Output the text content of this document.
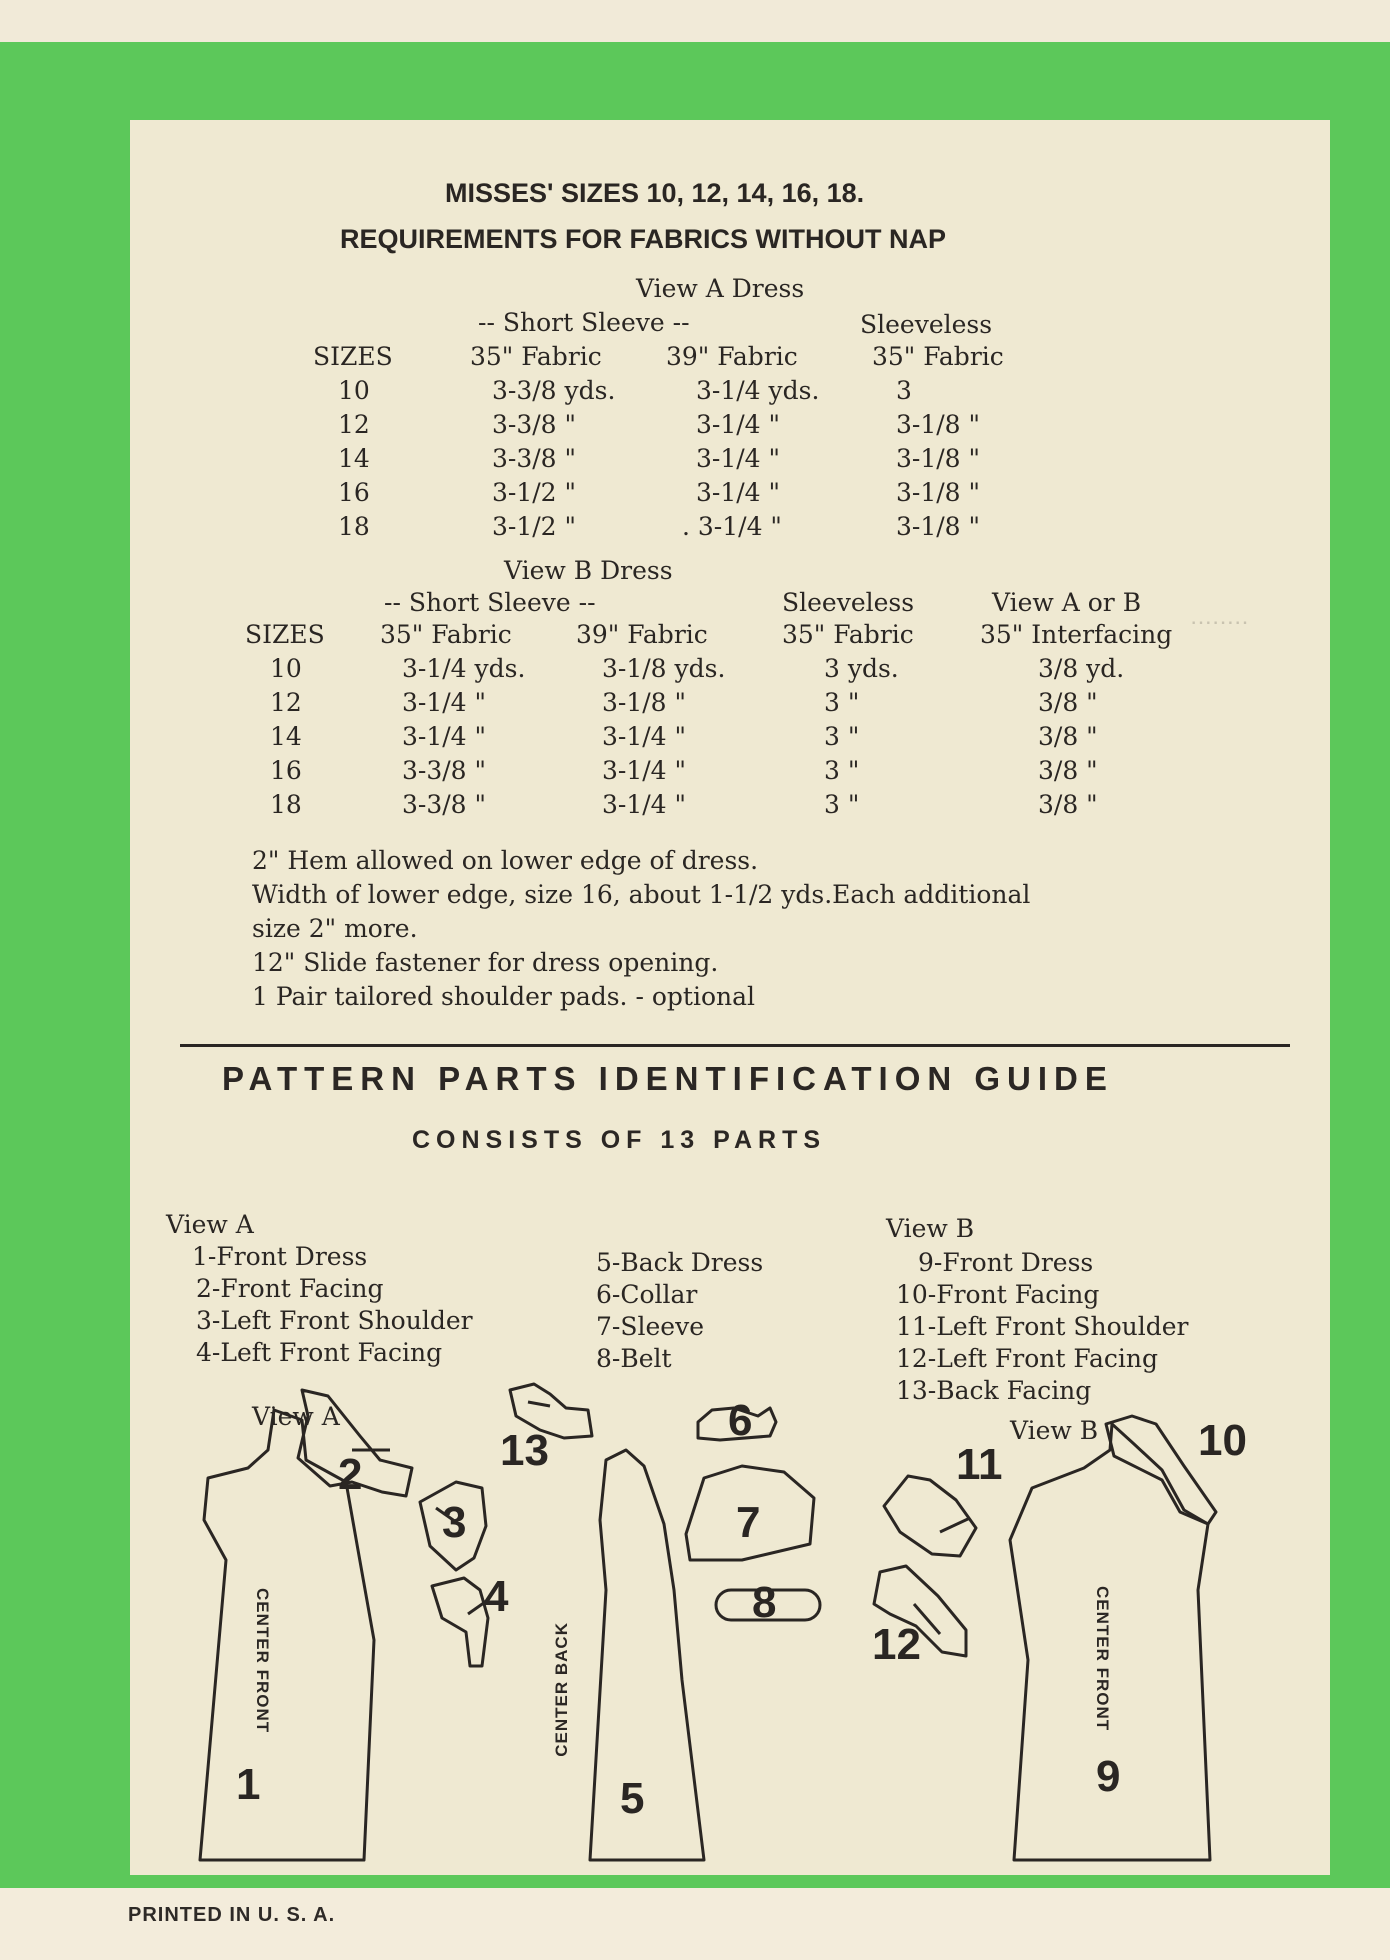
PRINTED IN U. S. A.
‥‥‥‥
MISSES' SIZES 10, 12, 14, 16, 18.
REQUIREMENTS FOR FABRICS WITHOUT NAP
View A Dress
-- Short Sleeve --	Sleeveless
SIZES	35" Fabric	39" Fabric	35" Fabric
10	3-3/8 yds.	3-1/4 yds.	3
12	3-3/8 "	3-1/4 "	3-1/8 "
14	3-3/8 "	3-1/4 "	3-1/8 "
16	3-1/2 "	3-1/4 "	3-1/8 "
18	3-1/2 "	. 3-1/4 "	3-1/8 "
View B Dress
-- Short Sleeve --	Sleeveless	View A or B
SIZES 35" Fabric	39" Fabric	35" Fabric	35" Interfacing
10	3-1/4 yds.	3-1/8 yds.	3 yds.	3/8 yd.
12	3-1/4 "	3-1/8 "	3 "	3/8 "
14	3-1/4 "	3-1/4 "	3 "	3/8 "
16	3-3/8 "	3-1/4 "	3 "	3/8 "
18	3-3/8 "	3-1/4 "	3 "	3/8 "
2" Hem allowed on lower edge of dress.
Width of lower edge, size 16, about 1-1/2 yds.Each additional
size 2" more.
12" Slide fastener for dress opening.
1 Pair tailored shoulder pads. - optional
PATTERN PARTS IDENTIFICATION GUIDE
CONSISTS OF 13 PARTS
View A
1-Front Dress
2-Front Facing
3-Left Front Shoulder
4-Left Front Facing
5-Back Dress
6-Collar
7-Sleeve
8-Belt
View B
9-Front Dress
10-Front Facing
11-Left Front Shoulder
12-Left Front Facing
13-Back Facing
View A	View B
CENTER FRONT	CENTER BACK	CENTER FRONT
1
2
3
4
5
6
7
8
9
10
11
12
13
